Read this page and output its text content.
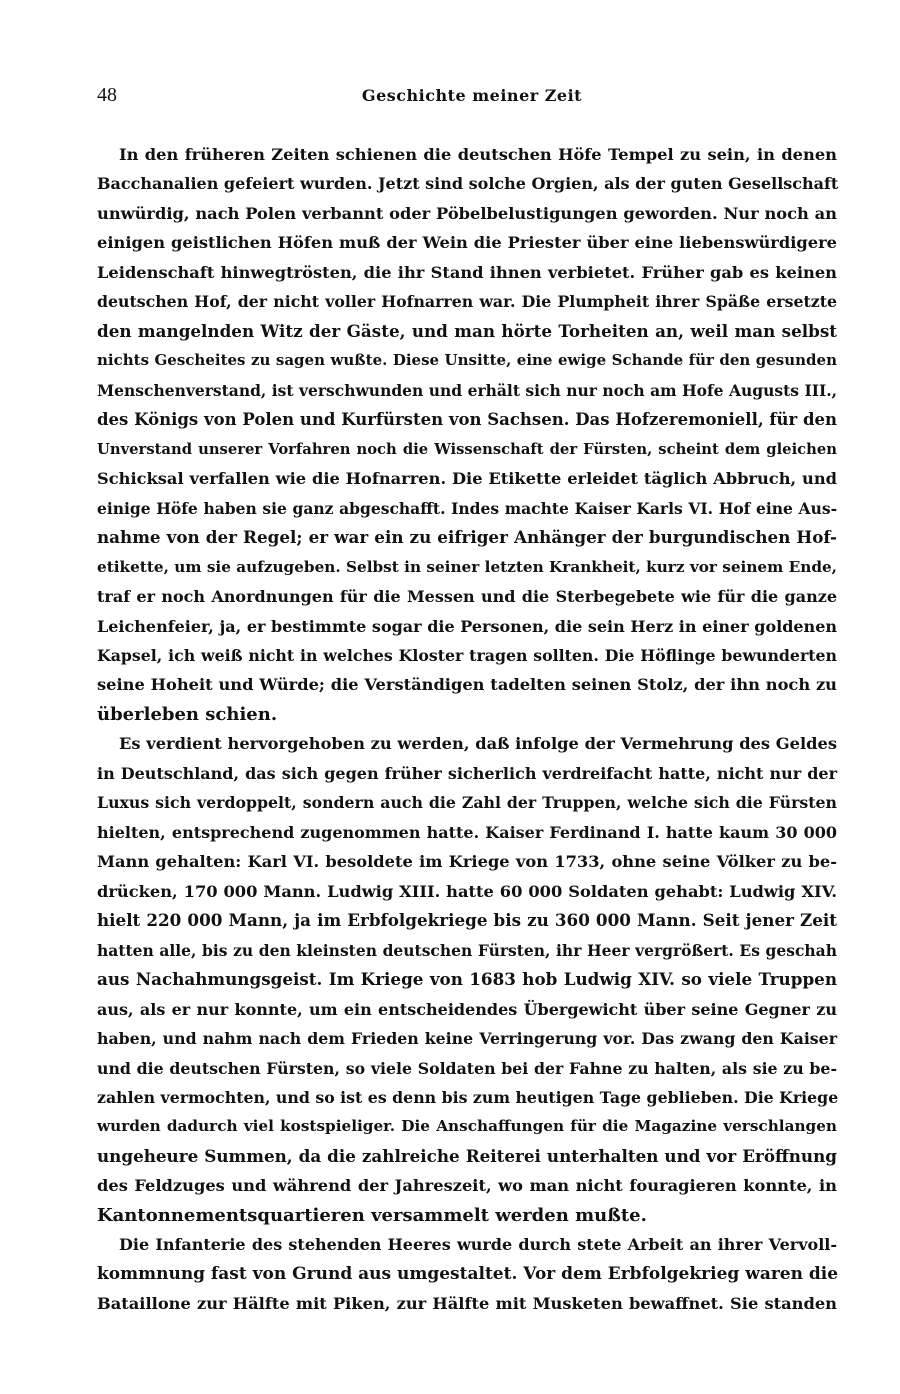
48	Geschichte meiner Zeit
In den früheren Zeiten schienen die deutschen Höfe Tempel zu sein, in denen
Bacchanalien gefeiert wurden. Jetzt sind solche Orgien, als der guten Gesellschaft
unwürdig, nach Polen verbannt oder Pöbelbelustigungen geworden. Nur noch an
einigen geistlichen Höfen muß der Wein die Priester über eine liebenswürdigere
Leidenschaft hinwegtrösten, die ihr Stand ihnen verbietet. Früher gab es keinen
deutschen Hof, der nicht voller Hofnarren war. Die Plumpheit ihrer Späße ersetzte
den mangelnden Witz der Gäste, und man hörte Torheiten an, weil man selbst
nichts Gescheites zu sagen wußte. Diese Unsitte, eine ewige Schande für den gesunden
Menschenverstand, ist verschwunden und erhält sich nur noch am Hofe Augusts III.,
des Königs von Polen und Kurfürsten von Sachsen. Das Hofzeremoniell, für den
Unverstand unserer Vorfahren noch die Wissenschaft der Fürsten, scheint dem gleichen
Schicksal verfallen wie die Hofnarren. Die Etikette erleidet täglich Abbruch, und
einige Höfe haben sie ganz abgeschafft. Indes machte Kaiser Karls VI. Hof eine Aus-
nahme von der Regel; er war ein zu eifriger Anhänger der burgundischen Hof-
etikette, um sie aufzugeben. Selbst in seiner letzten Krankheit, kurz vor seinem Ende,
traf er noch Anordnungen für die Messen und die Sterbegebete wie für die ganze
Leichenfeier, ja, er bestimmte sogar die Personen, die sein Herz in einer goldenen
Kapsel, ich weiß nicht in welches Kloster tragen sollten. Die Höflinge bewunderten
seine Hoheit und Würde; die Verständigen tadelten seinen Stolz, der ihn noch zu
überleben schien.
Es verdient hervorgehoben zu werden, daß infolge der Vermehrung des Geldes
in Deutschland, das sich gegen früher sicherlich verdreifacht hatte, nicht nur der
Luxus sich verdoppelt, sondern auch die Zahl der Truppen, welche sich die Fürsten
hielten, entsprechend zugenommen hatte. Kaiser Ferdinand I. hatte kaum 30 000
Mann gehalten: Karl VI. besoldete im Kriege von 1733, ohne seine Völker zu be-
drücken, 170 000 Mann. Ludwig XIII. hatte 60 000 Soldaten gehabt: Ludwig XIV.
hielt 220 000 Mann, ja im Erbfolgekriege bis zu 360 000 Mann. Seit jener Zeit
hatten alle, bis zu den kleinsten deutschen Fürsten, ihr Heer vergrößert. Es geschah
aus Nachahmungsgeist. Im Kriege von 1683 hob Ludwig XIV. so viele Truppen
aus, als er nur konnte, um ein entscheidendes Übergewicht über seine Gegner zu
haben, und nahm nach dem Frieden keine Verringerung vor. Das zwang den Kaiser
und die deutschen Fürsten, so viele Soldaten bei der Fahne zu halten, als sie zu be-
zahlen vermochten, und so ist es denn bis zum heutigen Tage geblieben. Die Kriege
wurden dadurch viel kostspieliger. Die Anschaffungen für die Magazine verschlangen
ungeheure Summen, da die zahlreiche Reiterei unterhalten und vor Eröffnung
des Feldzuges und während der Jahreszeit, wo man nicht fouragieren konnte, in
Kantonnementsquartieren versammelt werden mußte.
Die Infanterie des stehenden Heeres wurde durch stete Arbeit an ihrer Vervoll-
kommnung fast von Grund aus umgestaltet. Vor dem Erbfolgekrieg waren die
Bataillone zur Hälfte mit Piken, zur Hälfte mit Musketen bewaffnet. Sie standen
